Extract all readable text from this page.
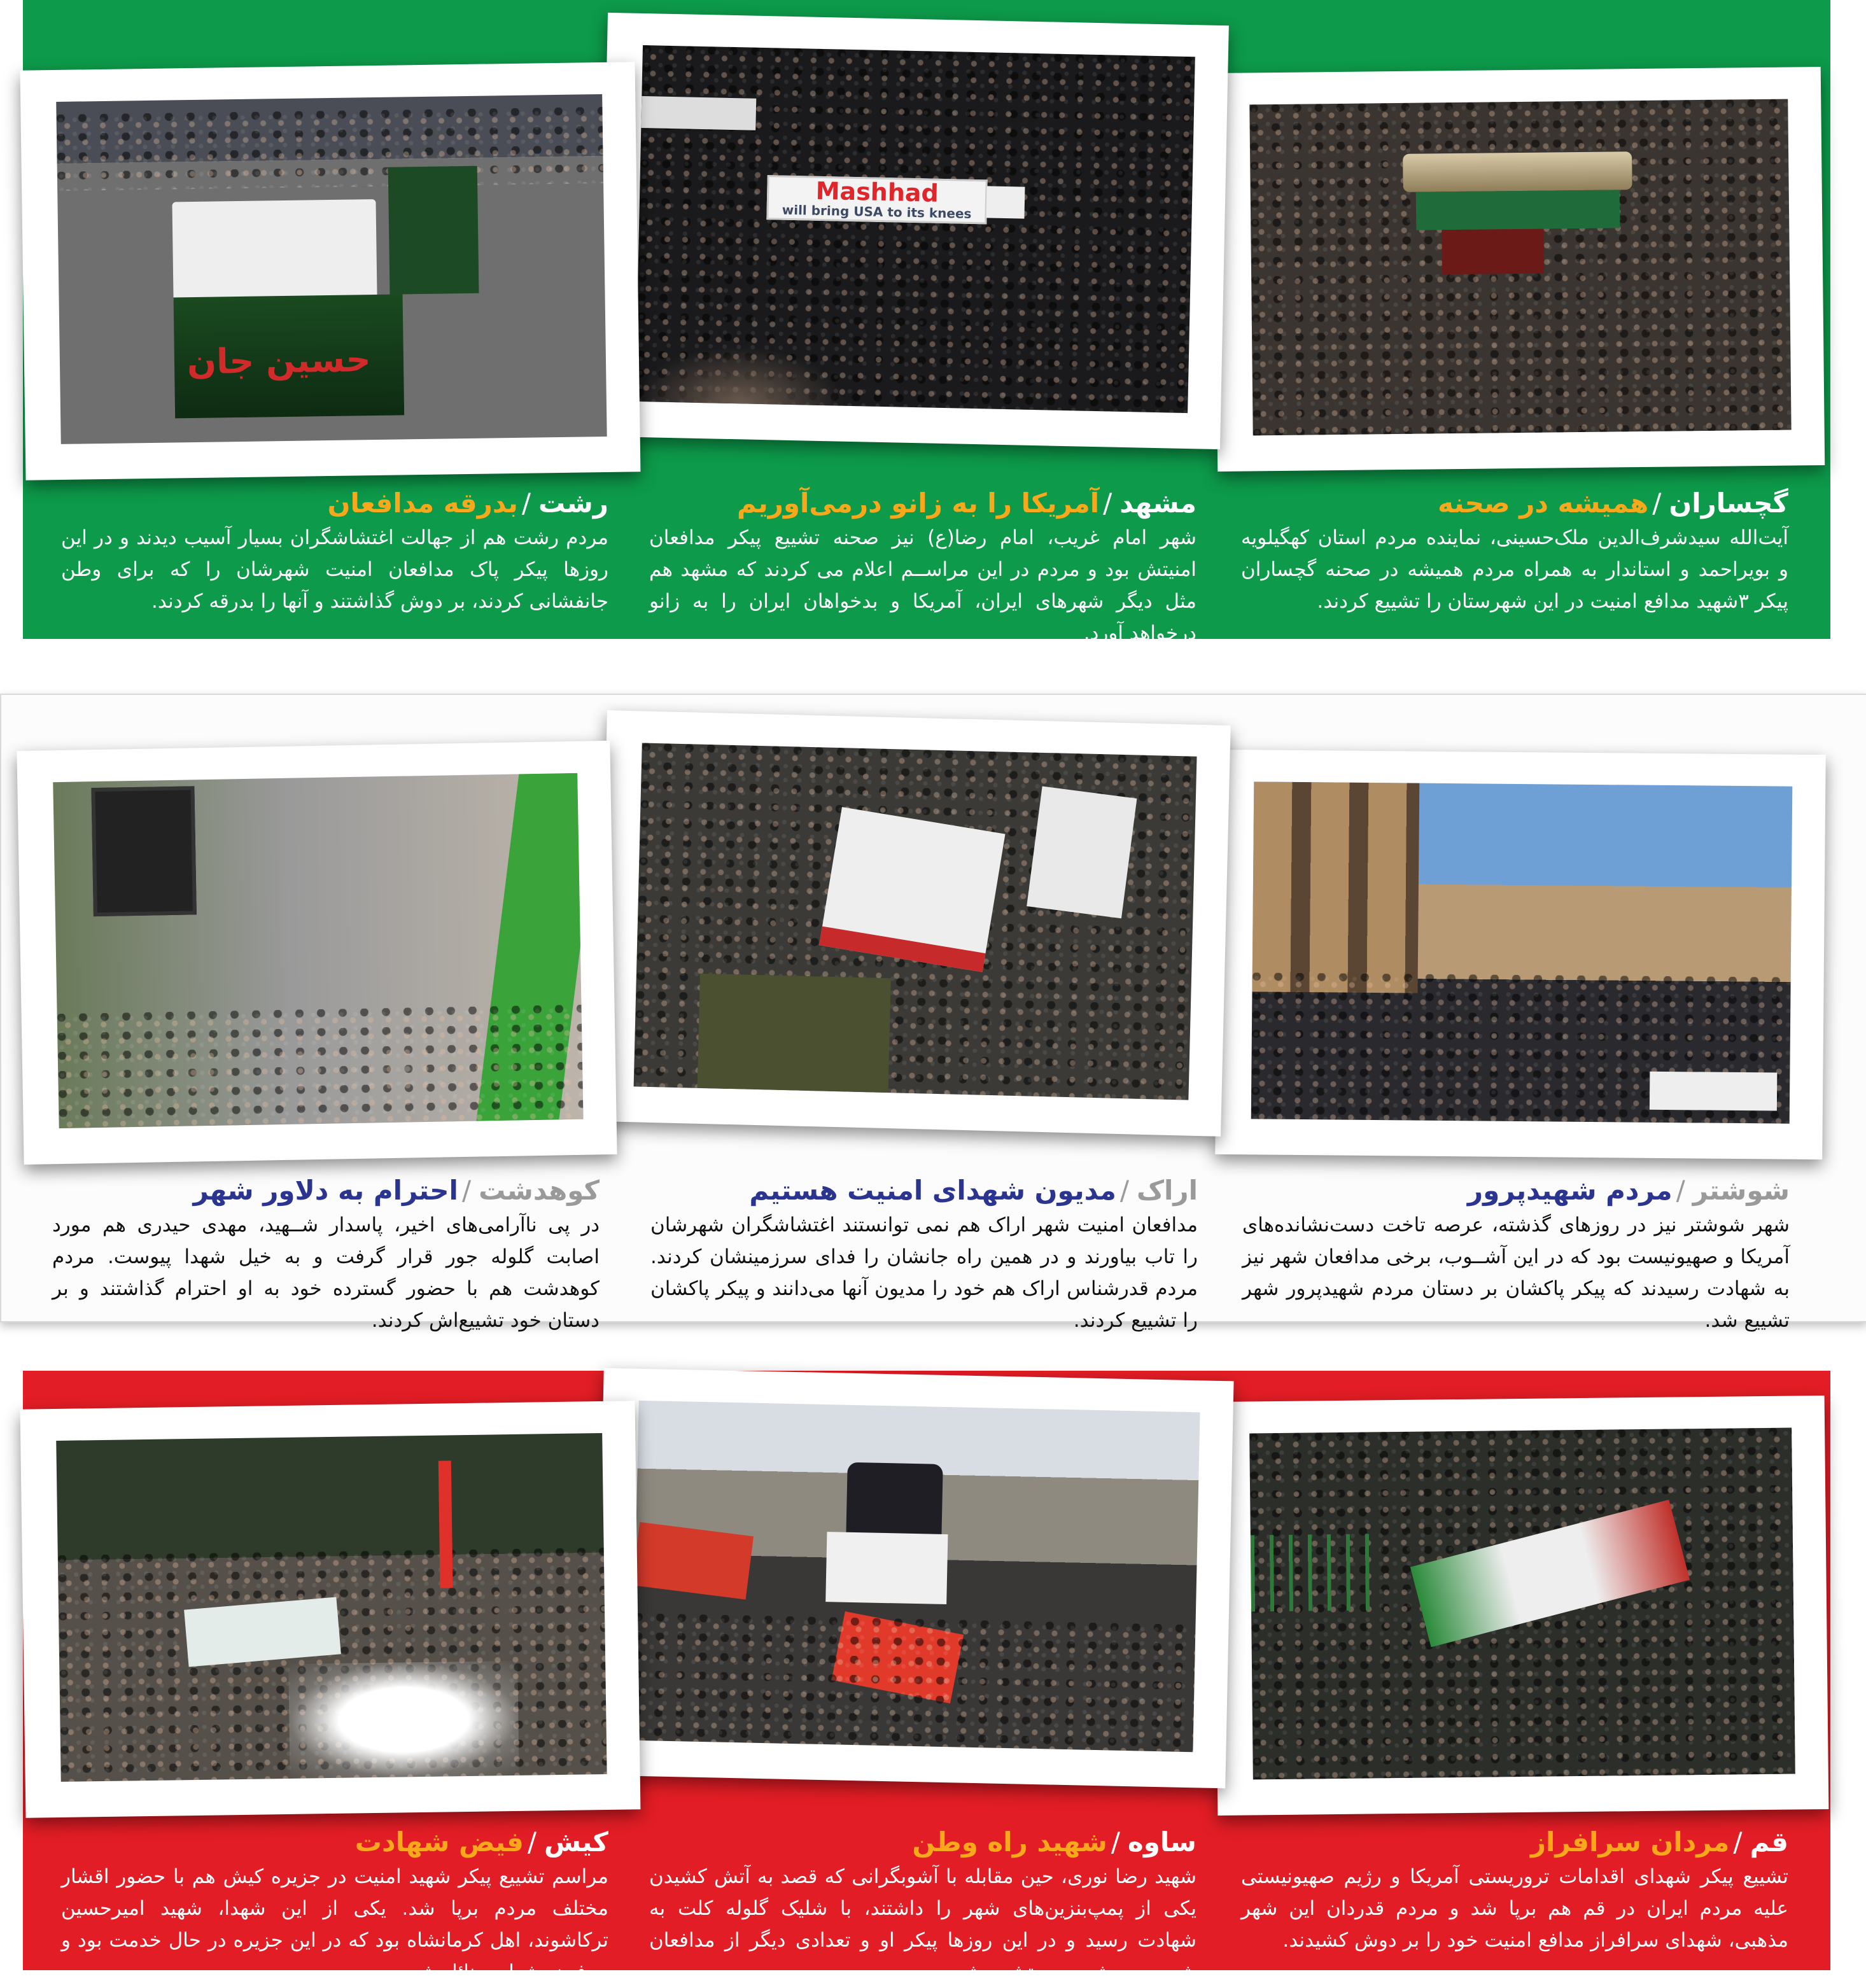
گچساران/همیشه در صحنه
آیت‌الله سیدشرف‌الدین ملک‌حسینی، نماینده مردم استان کهگیلویه و بویراحمد و استاندار به همراه مردم همیشه در صحنه گچساران پیکر ۳شهید مدافع امنیت در این شهرستان را تشییع کردند.
Mashhad
will bring USA to its knees
مشهد/آمریکا را به زانو درمی‌آوریم
شهر امام غریب، امام رضا(ع) نیز صحنه تشییع پیکر مدافعان امنیتش بود و مردم در این مراســم اعلام می کردند که مشهد هم مثل دیگر شهرهای ایران، آمریکا و بدخواهان ایران را به زانو درخواهد آورد.
حسین جان
رشت/بدرقه مدافعان
مردم رشت هم از جهالت اغتشاشگران بسیار آسیب دیدند و در این روزها پیکر پاک مدافعان امنیت شهرشان را که برای وطن جانفشانی کردند، بر دوش گذاشتند و آنها را بدرقه کردند.
شوشتر/مردم شهیدپرور
شهر شوشتر نیز در روزهای گذشته، عرصه تاخت دست‌نشانده‌های آمریکا و صهیونیست بود که در این آشــوب، برخی مدافعان شهر نیز به شهادت رسیدند که پیکر پاکشان بر دستان مردم شهیدپرور شهر تشییع شد.
اراک/مدیون شهدای امنیت هستیم
مدافعان امنیت شهر اراک هم نمی توانستند اغتشاشگران شهرشان را تاب بیاورند و در همین راه جانشان را فدای سرزمینشان کردند. مردم قدرشناس اراک هم خود را مدیون آنها می‌دانند و پیکر پاکشان را تشییع کردند.
کوهدشت/احترام به دلاور شهر
در پی ناآرامی‌های اخیر، پاسدار شــهید، مهدی حیدری هم مورد اصابت گلوله جور قرار گرفت و به خیل شهدا پیوست. مردم کوهدشت هم با حضور گسترده خود به او احترام گذاشتند و بر دستان خود تشییع‌اش کردند.
قم/مردان سرافراز
تشییع پیکر شهدای اقدامات تروریستی آمریکا و رژیم صهیونیستی علیه مردم ایران در قم هم برپا شد و مردم قدردان این شهر مذهبی، شهدای سرافراز مدافع امنیت خود را بر دوش کشیدند.
ساوه/شهید راه وطن
شهید رضا نوری، حین مقابله با آشوبگرانی که قصد به آتش کشیدن یکی از پمپ‌بنزین‌های شهر را داشتند، با شلیک گلوله کلت به شهادت رسید و در این روزها پیکر او و تعدادی دیگر از مدافعان شهر بر دوش مردم تشییع شد.
کیش/فیض شهادت
مراسم تشییع پیکر شهید امنیت در جزیره کیش هم با حضور اقشار مختلف مردم برپا شد. یکی از این شهدا، شهید امیرحسین ترکاشوند، اهل کرمانشاه بود که در این جزیره در حال خدمت بود و به فیض شهادت نائل شد.
